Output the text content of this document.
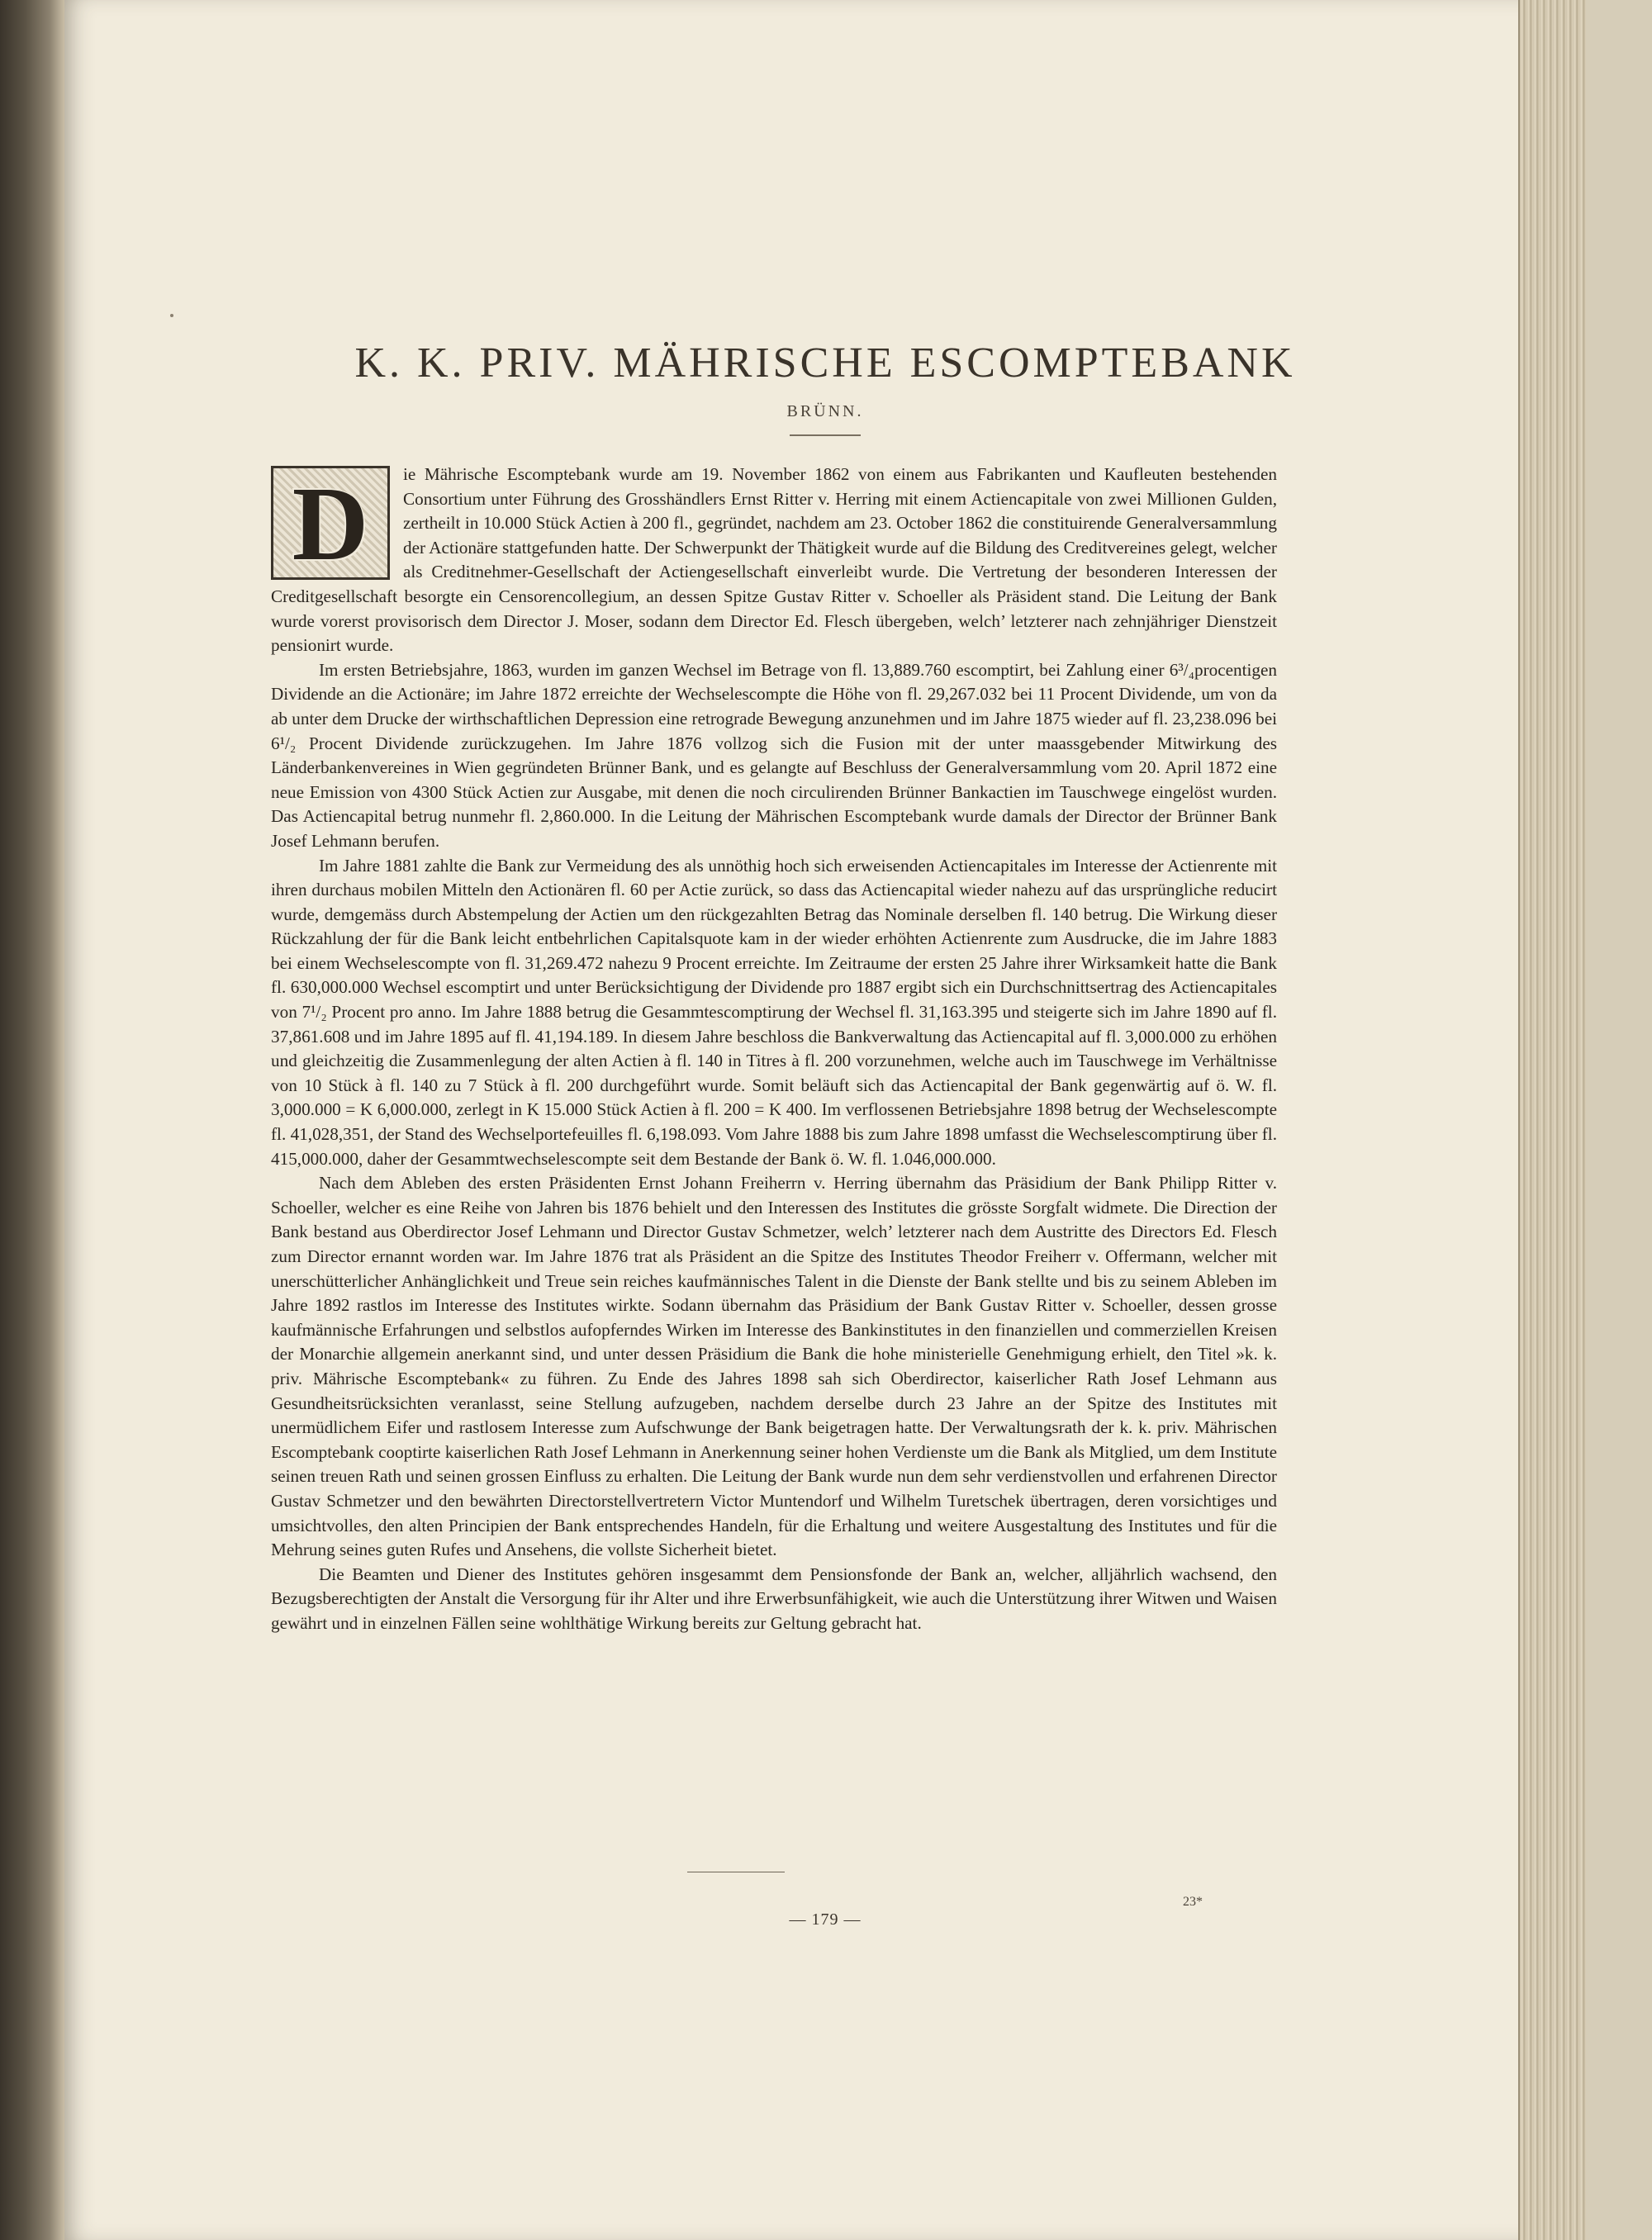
K. K. PRIV. MÄHRISCHE ESCOMPTEBANK
BRÜNN.

D	ie Mährische Escomptebank wurde am 19. November 1862 von einem aus Fabrikanten und Kaufleuten bestehenden Consortium unter Führung des Grosshändlers Ernst Ritter v. Herring mit einem Actiencapitale von zwei Millionen Gulden, zertheilt in 10.000 Stück Actien à 200 fl., gegründet, nachdem am 23. October 1862 die constituirende Generalversammlung der Actionäre stattgefunden hatte. Der Schwerpunkt der Thätigkeit wurde auf die Bildung des Creditvereines gelegt, welcher als Creditnehmer-Gesellschaft der Actiengesellschaft einverleibt wurde. Die Vertretung der besonderen Interessen der Creditgesellschaft besorgte ein Censorencollegium, an dessen Spitze Gustav Ritter v. Schoeller als Präsident stand. Die Leitung der Bank wurde vorerst provisorisch dem Director J. Moser, sodann dem Director Ed. Flesch übergeben, welch’ letzterer nach zehnjähriger Dienstzeit pensionirt wurde.

Im ersten Betriebsjahre, 1863, wurden im ganzen Wechsel im Betrage von fl. 13,889.760 escomptirt, bei Zahlung einer 6³/₄procentigen Dividende an die Actionäre; im Jahre 1872 erreichte der Wechselescompte die Höhe von fl. 29,267.032 bei 11 Procent Dividende, um von da ab unter dem Drucke der wirthschaftlichen Depression eine retrograde Bewegung anzunehmen und im Jahre 1875 wieder auf fl. 23,238.096 bei 6¹/₂ Procent Dividende zurückzugehen. Im Jahre 1876 vollzog sich die Fusion mit der unter maassgebender Mitwirkung des Länderbankenvereines in Wien gegründeten Brünner Bank, und es gelangte auf Beschluss der Generalversammlung vom 20. April 1872 eine neue Emission von 4300 Stück Actien zur Ausgabe, mit denen die noch circulirenden Brünner Bankactien im Tauschwege eingelöst wurden. Das Actiencapital betrug nunmehr fl. 2,860.000. In die Leitung der Mährischen Escomptebank wurde damals der Director der Brünner Bank Josef Lehmann berufen.

Im Jahre 1881 zahlte die Bank zur Vermeidung des als unnöthig hoch sich erweisenden Actiencapitales im Interesse der Actienrente mit ihren durchaus mobilen Mitteln den Actionären fl. 60 per Actie zurück, so dass das Actiencapital wieder nahezu auf das ursprüngliche reducirt wurde, demgemäss durch Abstempelung der Actien um den rückgezahlten Betrag das Nominale derselben fl. 140 betrug. Die Wirkung dieser Rückzahlung der für die Bank leicht entbehrlichen Capitalsquote kam in der wieder erhöhten Actienrente zum Ausdrucke, die im Jahre 1883 bei einem Wechselescompte von fl. 31,269.472 nahezu 9 Procent erreichte. Im Zeitraume der ersten 25 Jahre ihrer Wirksamkeit hatte die Bank fl. 630,000.000 Wechsel escomptirt und unter Berücksichtigung der Dividende pro 1887 ergibt sich ein Durchschnittsertrag des Actiencapitales von 7¹/₂ Procent pro anno. Im Jahre 1888 betrug die Gesammtescomptirung der Wechsel fl. 31,163.395 und steigerte sich im Jahre 1890 auf fl. 37,861.608 und im Jahre 1895 auf fl. 41,194.189. In diesem Jahre beschloss die Bankverwaltung das Actiencapital auf fl. 3,000.000 zu erhöhen und gleichzeitig die Zusammenlegung der alten Actien à fl. 140 in Titres à fl. 200 vorzunehmen, welche auch im Tauschwege im Verhältnisse von 10 Stück à fl. 140 zu 7 Stück à fl. 200 durchgeführt wurde. Somit beläuft sich das Actiencapital der Bank gegenwärtig auf ö. W. fl. 3,000.000 = K 6,000.000, zerlegt in K 15.000 Stück Actien à fl. 200 = K 400. Im verflossenen Betriebsjahre 1898 betrug der Wechselescompte fl. 41,028,351, der Stand des Wechselportefeuilles fl. 6,198.093. Vom Jahre 1888 bis zum Jahre 1898 umfasst die Wechselescomptirung über fl. 415,000.000, daher der Gesammtwechselescompte seit dem Bestande der Bank ö. W. fl. 1.046,000.000.

Nach dem Ableben des ersten Präsidenten Ernst Johann Freiherrn v. Herring übernahm das Präsidium der Bank Philipp Ritter v. Schoeller, welcher es eine Reihe von Jahren bis 1876 behielt und den Interessen des Institutes die grösste Sorgfalt widmete. Die Direction der Bank bestand aus Oberdirector Josef Lehmann und Director Gustav Schmetzer, welch’ letzterer nach dem Austritte des Directors Ed. Flesch zum Director ernannt worden war. Im Jahre 1876 trat als Präsident an die Spitze des Institutes Theodor Freiherr v. Offermann, welcher mit unerschütterlicher Anhänglichkeit und Treue sein reiches kaufmännisches Talent in die Dienste der Bank stellte und bis zu seinem Ableben im Jahre 1892 rastlos im Interesse des Institutes wirkte. Sodann übernahm das Präsidium der Bank Gustav Ritter v. Schoeller, dessen grosse kaufmännische Erfahrungen und selbstlos aufopferndes Wirken im Interesse des Bankinstitutes in den finanziellen und commerziellen Kreisen der Monarchie allgemein anerkannt sind, und unter dessen Präsidium die Bank die hohe ministerielle Genehmigung erhielt, den Titel »k. k. priv. Mährische Escomptebank« zu führen. Zu Ende des Jahres 1898 sah sich Oberdirector, kaiserlicher Rath Josef Lehmann aus Gesundheitsrücksichten veranlasst, seine Stellung aufzugeben, nachdem derselbe durch 23 Jahre an der Spitze des Institutes mit unermüdlichem Eifer und rastlosem Interesse zum Aufschwunge der Bank beigetragen hatte. Der Verwaltungsrath der k. k. priv. Mährischen Escomptebank cooptirte kaiserlichen Rath Josef Lehmann in Anerkennung seiner hohen Verdienste um die Bank als Mitglied, um dem Institute seinen treuen Rath und seinen grossen Einfluss zu erhalten. Die Leitung der Bank wurde nun dem sehr verdienstvollen und erfahrenen Director Gustav Schmetzer und den bewährten Directorstellvertretern Victor Muntendorf und Wilhelm Turetschek übertragen, deren vorsichtiges und umsichtvolles, den alten Principien der Bank entsprechendes Handeln, für die Erhaltung und weitere Ausgestaltung des Institutes und für die Mehrung seines guten Rufes und Ansehens, die vollste Sicherheit bietet.

Die Beamten und Diener des Institutes gehören insgesammt dem Pensionsfonde der Bank an, welcher, alljährlich wachsend, den Bezugsberechtigten der Anstalt die Versorgung für ihr Alter und ihre Erwerbsunfähigkeit, wie auch die Unterstützung ihrer Witwen und Waisen gewährt und in einzelnen Fällen seine wohlthätige Wirkung bereits zur Geltung gebracht hat.

23*
— 179 —
